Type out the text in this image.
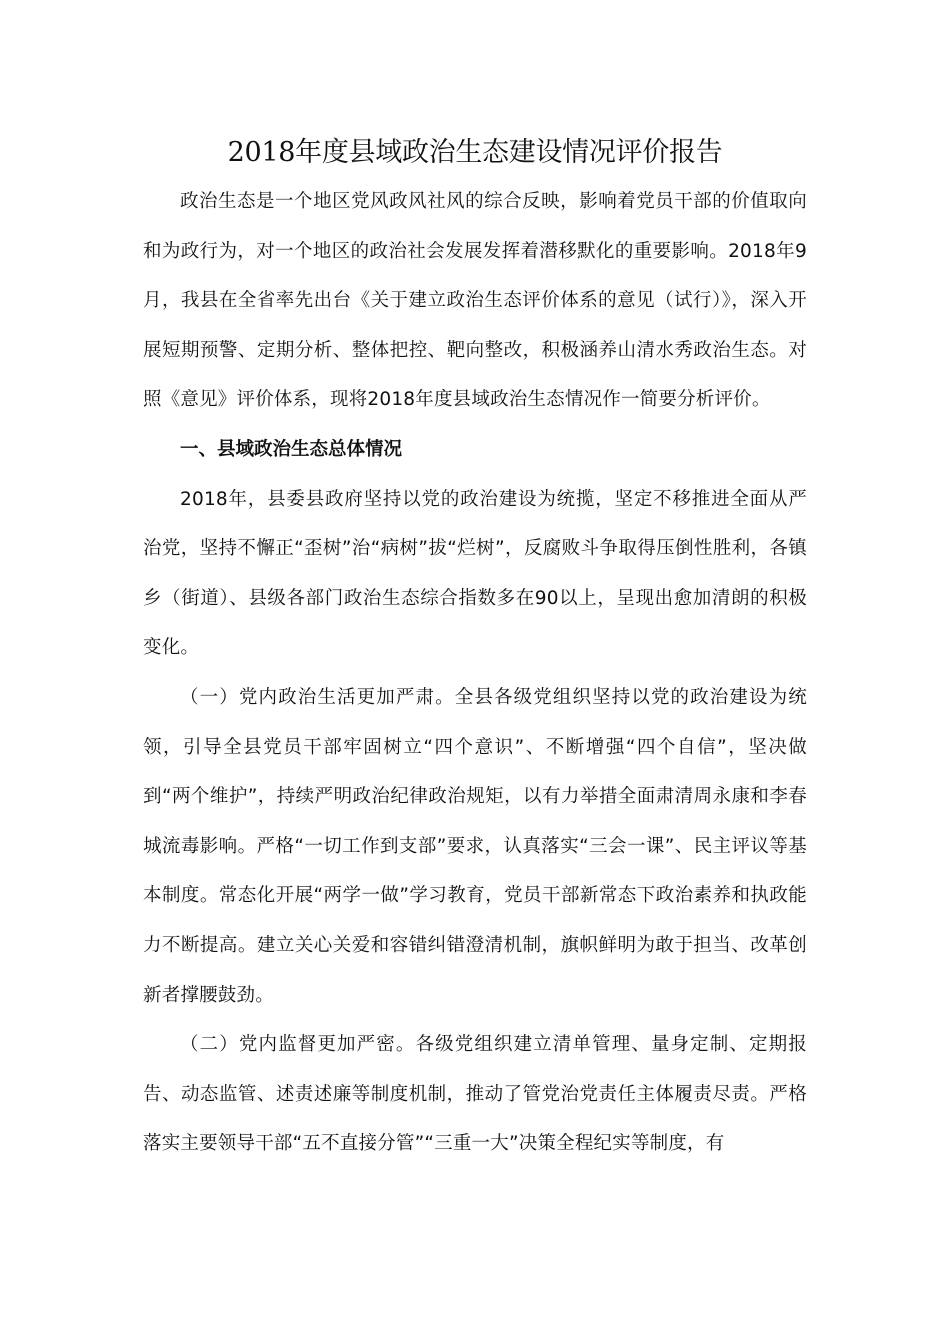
2018年度县域政治生态建设情况评价报告

政治生态是一个地区党风政风社风的综合反映，影响着党员干部的价值取向和为政行为，对一个地区的政治社会发展发挥着潜移默化的重要影响。2018年9月，我县在全省率先出台《关于建立政治生态评价体系的意见（试行）》，深入开展短期预警、定期分析、整体把控、靶向整改，积极涵养山清水秀政治生态。对照《意见》评价体系，现将2018年度县域政治生态情况作一简要分析评价。

一、县域政治生态总体情况

2018年，县委县政府坚持以党的政治建设为统揽，坚定不移推进全面从严治党，坚持不懈正“歪树”治“病树”拔“烂树”，反腐败斗争取得压倒性胜利，各镇乡（街道）、县级各部门政治生态综合指数多在90以上，呈现出愈加清朗的积极变化。

（一）党内政治生活更加严肃。全县各级党组织坚持以党的政治建设为统领，引导全县党员干部牢固树立“四个意识”、不断增强“四个自信”，坚决做到“两个维护”，持续严明政治纪律政治规矩，以有力举措全面肃清周永康和李春城流毒影响。严格“一切工作到支部”要求，认真落实“三会一课”、民主评议等基本制度。常态化开展“两学一做”学习教育，党员干部新常态下政治素养和执政能力不断提高。建立关心关爱和容错纠错澄清机制，旗帜鲜明为敢于担当、改革创新者撑腰鼓劲。

（二）党内监督更加严密。各级党组织建立清单管理、量身定制、定期报告、动态监管、述责述廉等制度机制，推动了管党治党责任主体履责尽责。严格落实主要领导干部“五不直接分管”“三重一大”决策全程纪实等制度，有
